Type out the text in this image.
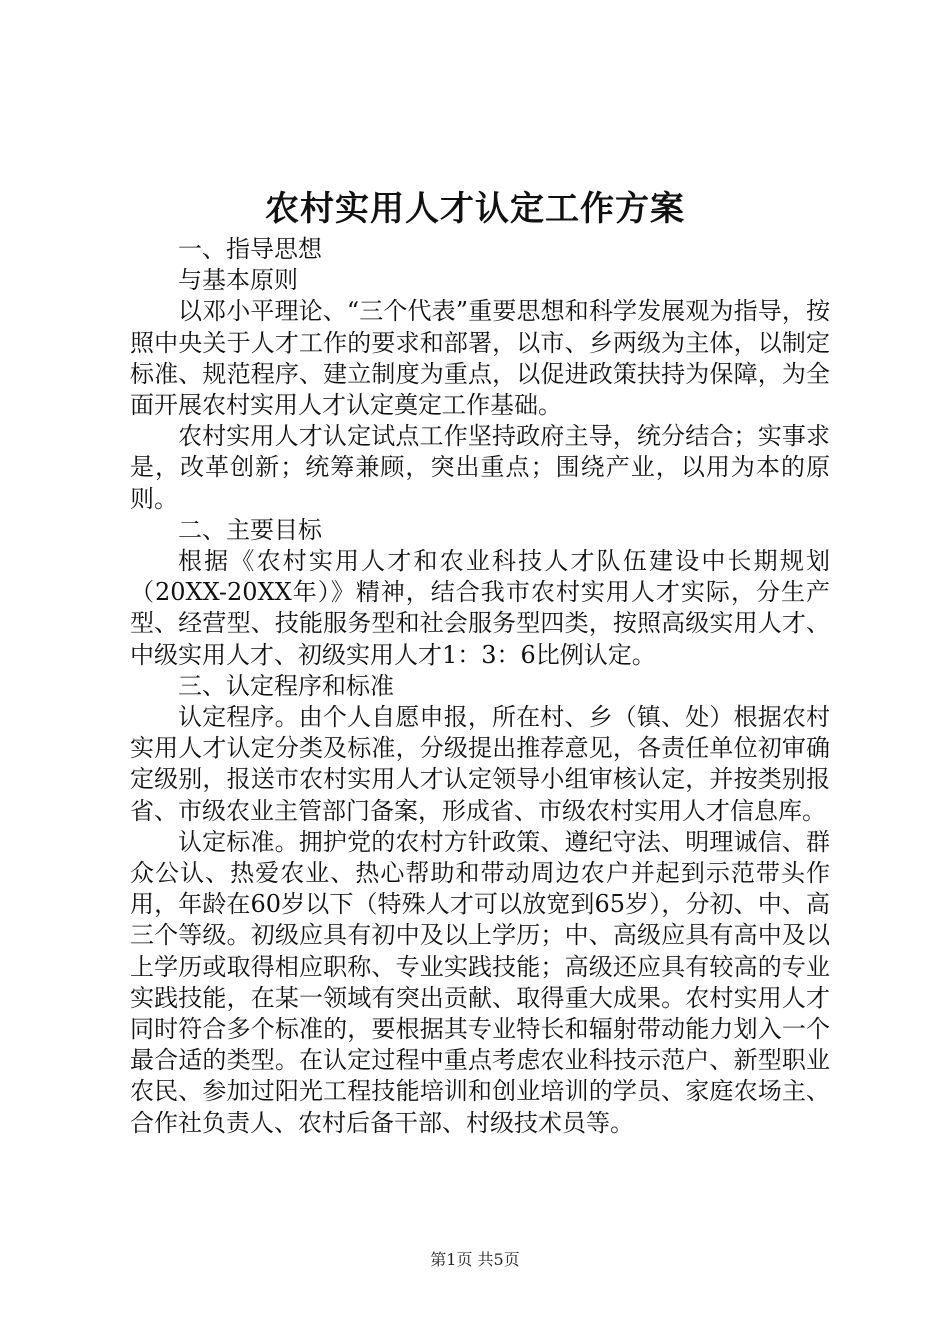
农村实用人才认定工作方案

一、指导思想

与基本原则

以邓小平理论、“三个代表”重要思想和科学发展观为指导，按照中央关于人才工作的要求和部署，以市、乡两级为主体，以制定标准、规范程序、建立制度为重点，以促进政策扶持为保障，为全面开展农村实用人才认定奠定工作基础。

农村实用人才认定试点工作坚持政府主导，统分结合；实事求是，改革创新；统筹兼顾，突出重点；围绕产业，以用为本的原则。

二、主要目标

根据《农村实用人才和农业科技人才队伍建设中长期规划（20XX-20XX年）》精神，结合我市农村实用人才实际，分生产型、经营型、技能服务型和社会服务型四类，按照高级实用人才、中级实用人才、初级实用人才1：3：6比例认定。

三、认定程序和标准

认定程序。由个人自愿申报，所在村、乡（镇、处）根据农村实用人才认定分类及标准，分级提出推荐意见，各责任单位初审确定级别，报送市农村实用人才认定领导小组审核认定，并按类别报省、市级农业主管部门备案，形成省、市级农村实用人才信息库。

认定标准。拥护党的农村方针政策、遵纪守法、明理诚信、群众公认、热爱农业、热心帮助和带动周边农户并起到示范带头作用，年龄在60岁以下（特殊人才可以放宽到65岁），分初、中、高三个等级。初级应具有初中及以上学历；中、高级应具有高中及以上学历或取得相应职称、专业实践技能；高级还应具有较高的专业实践技能，在某一领域有突出贡献、取得重大成果。农村实用人才同时符合多个标准的，要根据其专业特长和辐射带动能力划入一个最合适的类型。在认定过程中重点考虑农业科技示范户、新型职业农民、参加过阳光工程技能培训和创业培训的学员、家庭农场主、合作社负责人、农村后备干部、村级技术员等。

第1页 共5页
